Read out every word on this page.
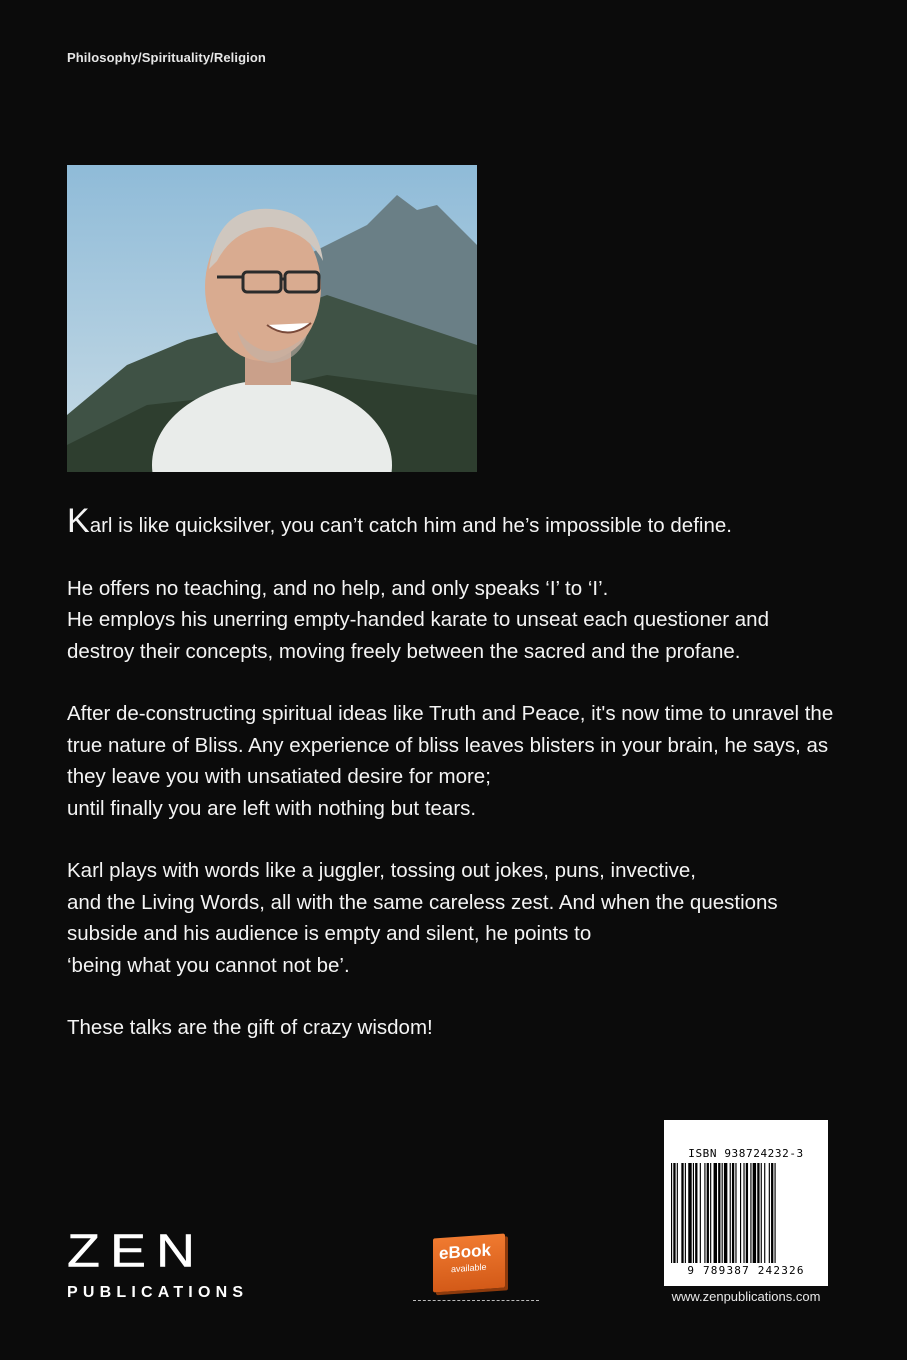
Philosophy/Spirituality/Religion

Karl is like quicksilver, you can’t catch him and he’s impossible to define.

He offers no teaching, and no help, and only speaks ‘I’ to ‘I’.
He employs his unerring empty-handed karate to unseat each questioner and destroy their concepts, moving freely between the sacred and the profane.

After de-constructing spiritual ideas like Truth and Peace, it's now time to unravel the true nature of Bliss. Any experience of bliss leaves blisters in your brain, he says, as they leave you with unsatiated desire for more;
until finally you are left with nothing but tears.

Karl plays with words like a juggler, tossing out jokes, puns, invective,
and the Living Words, all with the same careless zest. And when the questions subside and his audience is empty and silent, he points to
‘being what you cannot not be’.

These talks are the gift of crazy wisdom!

ZEN
PUBLICATIONS
eBook
available
ISBN 938724232-3
9 789387 242326
www.zenpublications.com
